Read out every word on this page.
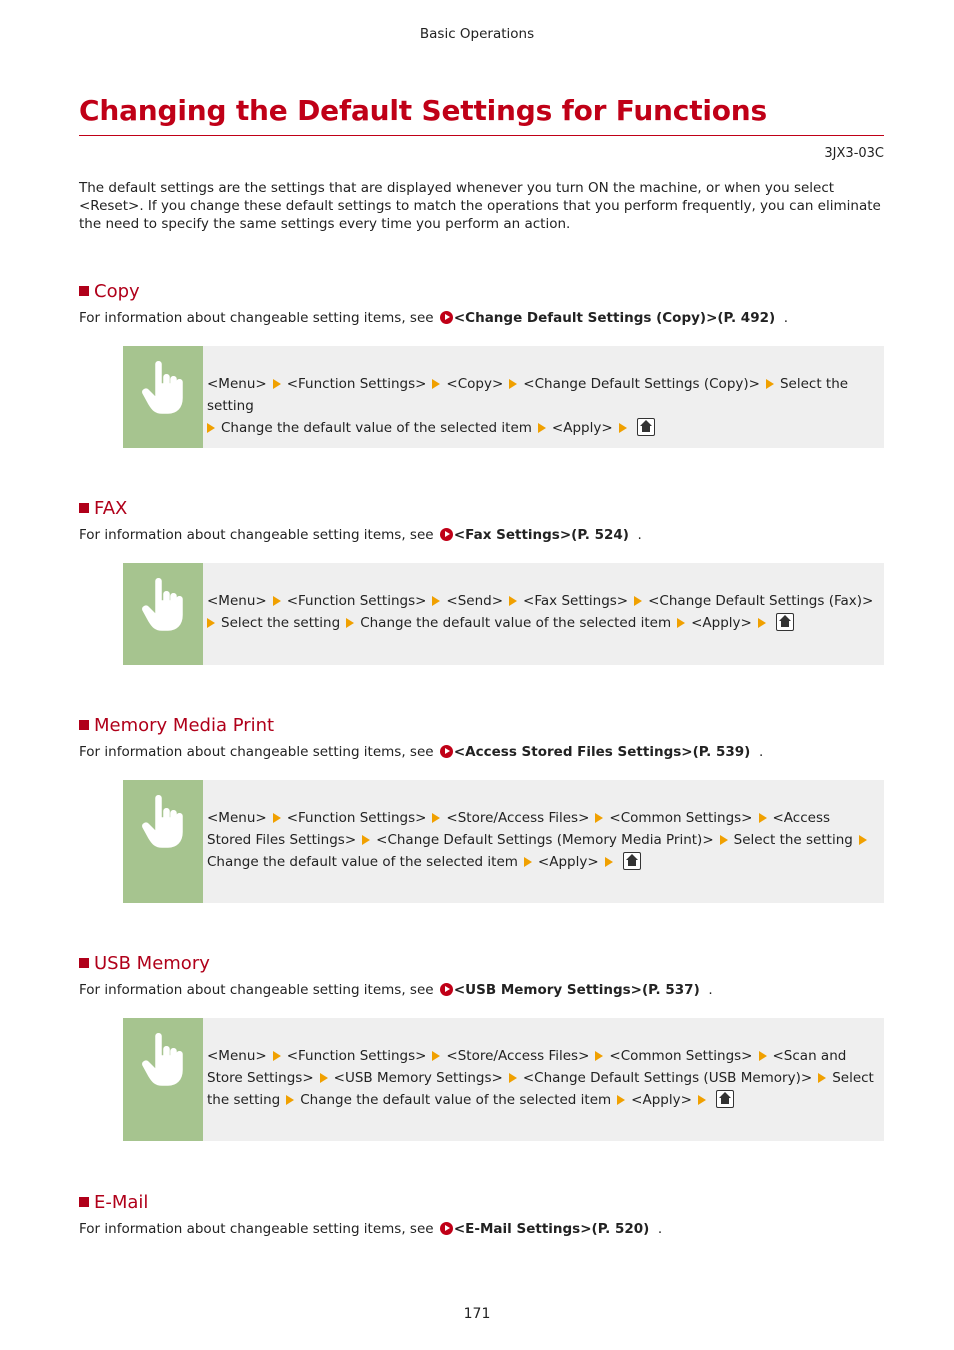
Basic Operations
Changing the Default Settings for Functions
3JX3-03C

The default settings are the settings that are displayed whenever you turn ON the machine, or when you select <Reset>. If you change these default settings to match the operations that you perform frequently, you can eliminate the need to specify the same settings every time you perform an action.

Copy
For information about changeable setting items, see <Change Default Settings (Copy)>(P. 492)  .
<Menu> <Function Settings> <Copy> <Change Default Settings (Copy)> Select the setting
Change the default value of the selected item <Apply>
FAX
For information about changeable setting items, see <Fax Settings>(P. 524)  .
<Menu> <Function Settings> <Send> <Fax Settings> <Change Default Settings (Fax)>
Select the setting Change the default value of the selected item <Apply>
Memory Media Print
For information about changeable setting items, see <Access Stored Files Settings>(P. 539)  .
<Menu> <Function Settings> <Store/Access Files> <Common Settings> <Access Stored Files Settings> <Change Default Settings (Memory Media Print)> Select the settingChange the default value of the selected item <Apply>
USB Memory
For information about changeable setting items, see <USB Memory Settings>(P. 537)  .
<Menu> <Function Settings> <Store/Access Files> <Common Settings> <Scan and Store Settings> <USB Memory Settings> <Change Default Settings (USB Memory)> Select the setting Change the default value of the selected item <Apply>
E-Mail
For information about changeable setting items, see <E-Mail Settings>(P. 520)  .
171
